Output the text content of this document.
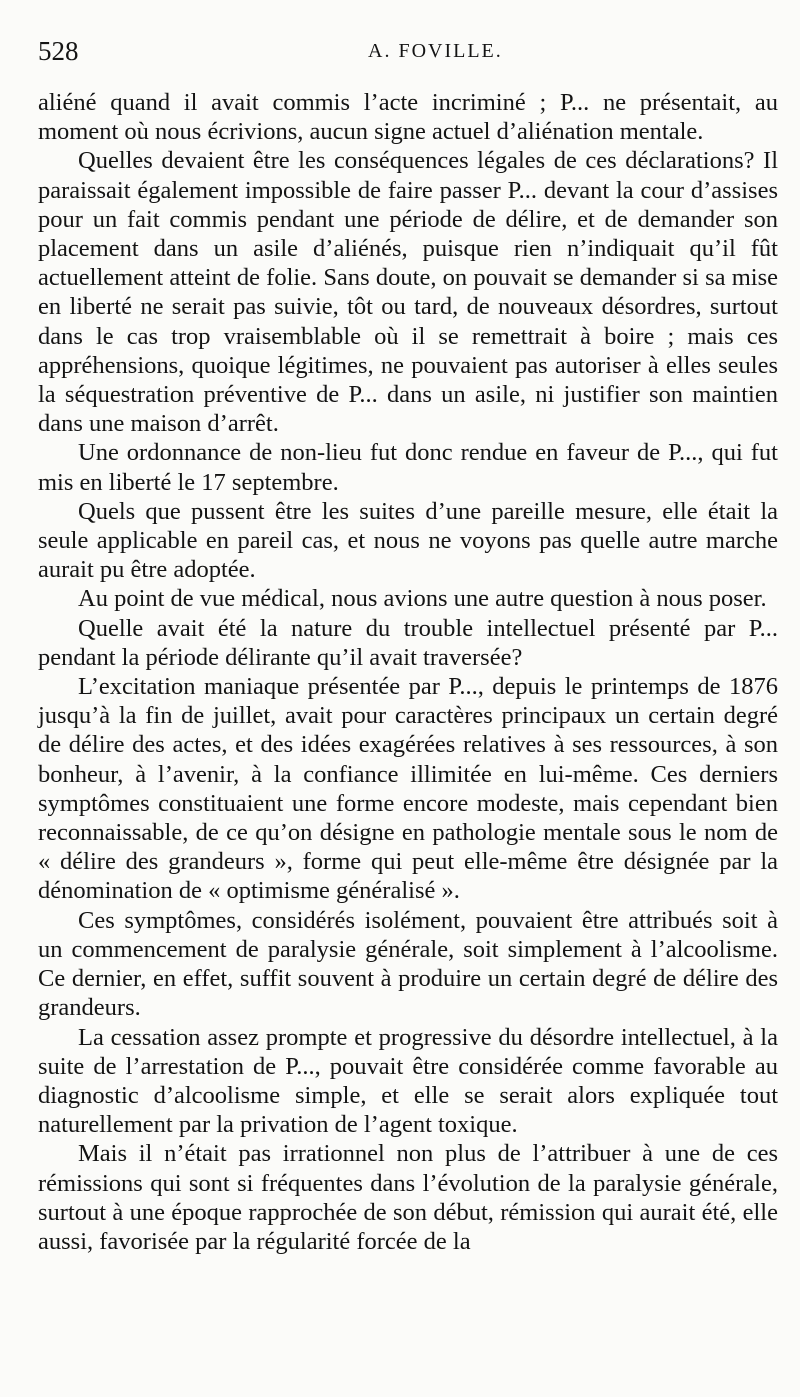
528	A. FOVILLE.

aliéné quand il avait commis l’acte incriminé ; P... ne présentait, au moment où nous écrivions, aucun signe actuel d’aliénation mentale.

Quelles devaient être les conséquences légales de ces déclarations? Il paraissait également impossible de faire passer P... devant la cour d’assises pour un fait commis pendant une période de délire, et de demander son placement dans un asile d’aliénés, puisque rien n’indiquait qu’il fût actuellement atteint de folie. Sans doute, on pouvait se demander si sa mise en liberté ne serait pas suivie, tôt ou tard, de nouveaux désordres, surtout dans le cas trop vraisemblable où il se remettrait à boire ; mais ces appréhensions, quoique légitimes, ne pouvaient pas autoriser à elles seules la séquestration préventive de P... dans un asile, ni justifier son maintien dans une maison d’arrêt.

Une ordonnance de non-lieu fut donc rendue en faveur de P..., qui fut mis en liberté le 17 septembre.

Quels que pussent être les suites d’une pareille mesure, elle était la seule applicable en pareil cas, et nous ne voyons pas quelle autre marche aurait pu être adoptée.

Au point de vue médical, nous avions une autre question à nous poser.

Quelle avait été la nature du trouble intellectuel présenté par P... pendant la période délirante qu’il avait traversée?

L’excitation maniaque présentée par P..., depuis le printemps de 1876 jusqu’à la fin de juillet, avait pour caractères principaux un certain degré de délire des actes, et des idées exagérées relatives à ses ressources, à son bonheur, à l’avenir, à la confiance illimitée en lui-même. Ces derniers symptômes constituaient une forme encore modeste, mais cependant bien reconnaissable, de ce qu’on désigne en pathologie mentale sous le nom de « délire des grandeurs », forme qui peut elle-même être désignée par la dénomination de « optimisme généralisé ».

Ces symptômes, considérés isolément, pouvaient être attribués soit à un commencement de paralysie générale, soit simplement à l’alcoolisme. Ce dernier, en effet, suffit souvent à produire un certain degré de délire des grandeurs.

La cessation assez prompte et progressive du désordre intellectuel, à la suite de l’arrestation de P..., pouvait être considérée comme favorable au diagnostic d’alcoolisme simple, et elle se serait alors expliquée tout naturellement par la privation de l’agent toxique.

Mais il n’était pas irrationnel non plus de l’attribuer à une de ces rémissions qui sont si fréquentes dans l’évolution de la paralysie générale, surtout à une époque rapprochée de son début, rémission qui aurait été, elle aussi, favorisée par la régularité forcée de la
